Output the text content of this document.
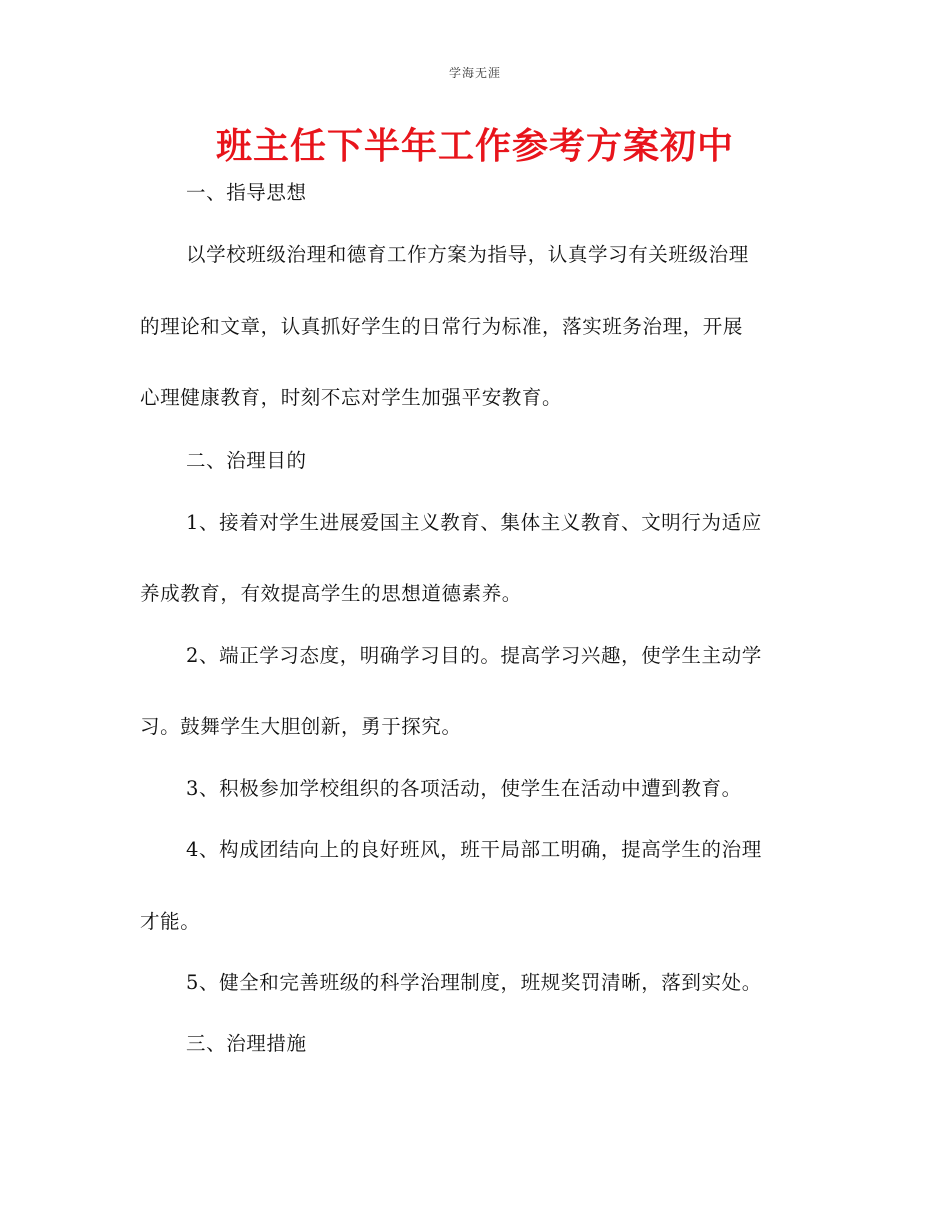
学海无涯
班主任下半年工作参考方案初中
一、指导思想
以学校班级治理和德育工作方案为指导，认真学习有关班级治理
的理论和文章，认真抓好学生的日常行为标准，落实班务治理，开展
心理健康教育，时刻不忘对学生加强平安教育。
二、治理目的
1、接着对学生进展爱国主义教育、集体主义教育、文明行为适应
养成教育，有效提高学生的思想道德素养。
2、端正学习态度，明确学习目的。提高学习兴趣，使学生主动学
习。鼓舞学生大胆创新，勇于探究。
3、积极参加学校组织的各项活动，使学生在活动中遭到教育。
4、构成团结向上的良好班风，班干局部工明确，提高学生的治理
才能。
5、健全和完善班级的科学治理制度，班规奖罚清晰，落到实处。
三、治理措施
